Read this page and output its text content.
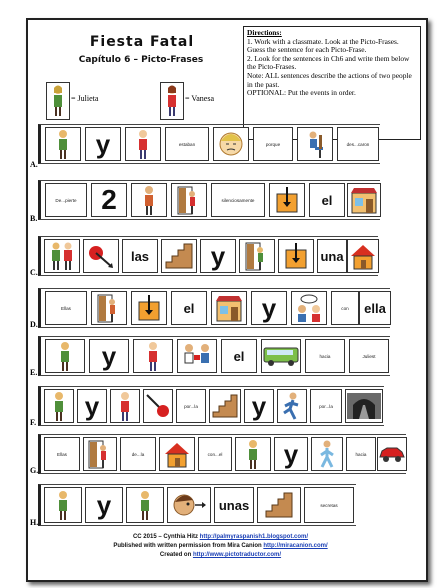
Fiesta Fatal
Capítulo 6 – Picto-Frases
= Julieta	= Vanesa
Directions:
1. Work with a classmate. Look at the Picto-Frases. Guess the sentence for each Picto-Frase.
2. Look for the sentences in Ch6 and write them below the Picto-Frases.
Note: ALL sentences describe the actions of two people in the past.
OPTIONAL: Put the events in order.
y	estaban	porque	des...caron
A.
De...pierte 2	silenciosamente	el
B.
las y	una
C.
Ellas	el	y	con ella
D.
y	el	hacia	Juliest
E.
y	por...la y	por...la
F.
Ellas	de...la	con...el y	hacia
G.
y	unas	secretas
H.
CC 2015 – Cynthia Hitz http://palmyraspanish1.blogspot.com/
Published with written permission from Mira Canion http://miracanion.com/
Created on http://www.pictotraductor.com/
